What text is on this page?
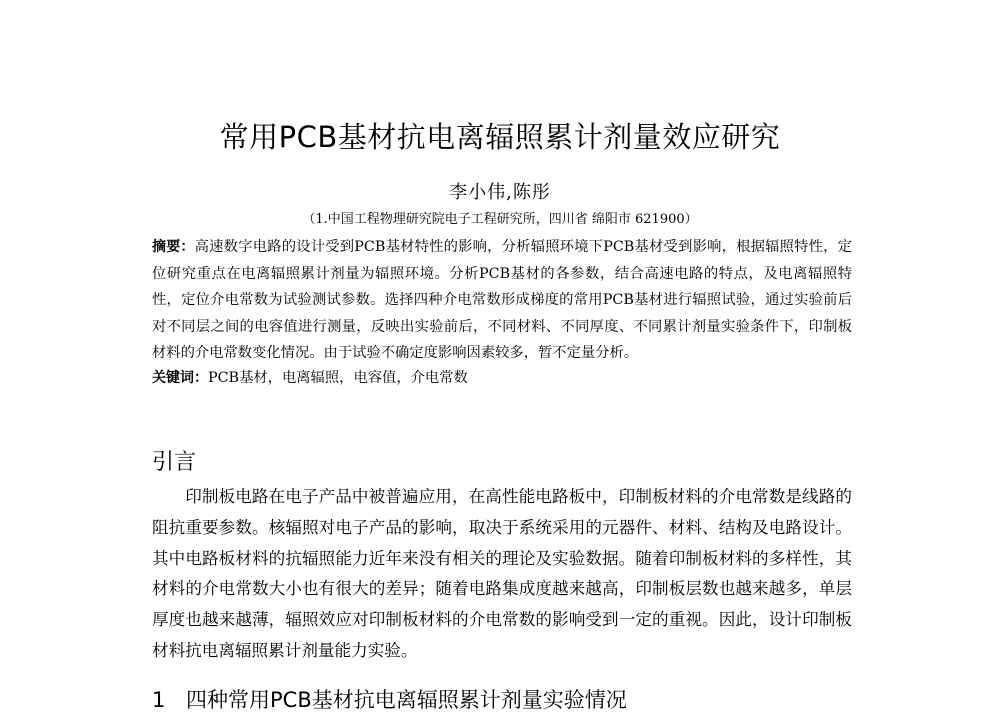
常用PCB基材抗电离辐照累计剂量效应研究
李小伟,陈彤
（1.中国工程物理研究院电子工程研究所，四川省 绵阳市 621900）
摘要：高速数字电路的设计受到PCB基材特性的影响，分析辐照环境下PCB基材受到影响，根据辐照特性，定位研究重点在电离辐照累计剂量为辐照环境。分析PCB基材的各参数，结合高速电路的特点，及电离辐照特性，定位介电常数为试验测试参数。选择四种介电常数形成梯度的常用PCB基材进行辐照试验，通过实验前后对不同层之间的电容值进行测量，反映出实验前后，不同材料、不同厚度、不同累计剂量实验条件下，印制板材料的介电常数变化情况。由于试验不确定度影响因素较多，暂不定量分析。
关键词：PCB基材，电离辐照，电容值，介电常数
引言
印制板电路在电子产品中被普遍应用，在高性能电路板中，印制板材料的介电常数是线路的阻抗重要参数。核辐照对电子产品的影响，取决于系统采用的元器件、材料、结构及电路设计。其中电路板材料的抗辐照能力近年来没有相关的理论及实验数据。随着印制板材料的多样性，其材料的介电常数大小也有很大的差异；随着电路集成度越来越高，印制板层数也越来越多，单层厚度也越来越薄，辐照效应对印制板材料的介电常数的影响受到一定的重视。因此，设计印制板材料抗电离辐照累计剂量能力实验。
1 四种常用PCB基材抗电离辐照累计剂量实验情况
